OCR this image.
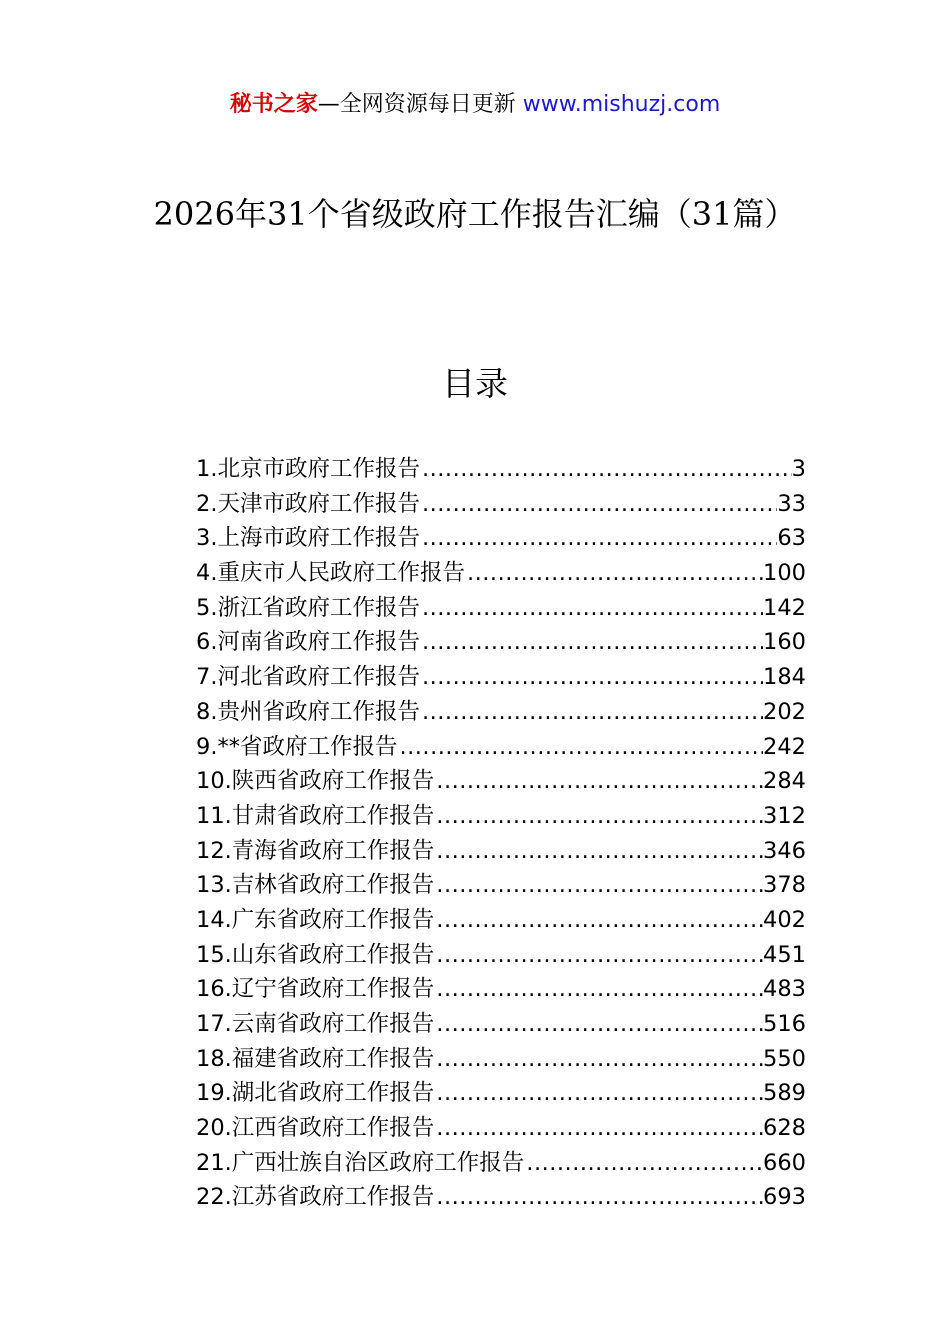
秘书之家—全网资源每日更新 www.mishuzj.com
2026年31个省级政府工作报告汇编（31篇）
目录
1.北京市政府工作报告 .....	3
2.天津市政府工作报告 .....	33
3.上海市政府工作报告 .....	63
4.重庆市人民政府工作报告 .....	100
5.浙江省政府工作报告 .....	142
6.河南省政府工作报告 .....	160
7.河北省政府工作报告 .....	184
8.贵州省政府工作报告 .....	202
9.**省政府工作报告 .....	242
10.陕西省政府工作报告 .....	284
11.甘肃省政府工作报告 .....	312
12.青海省政府工作报告 .....	346
13.吉林省政府工作报告 .....	378
14.广东省政府工作报告 .....	402
15.山东省政府工作报告 .....	451
16.辽宁省政府工作报告 .....	483
17.云南省政府工作报告 .....	516
18.福建省政府工作报告 .....	550
19.湖北省政府工作报告 .....	589
20.江西省政府工作报告 .....	628
21.广西壮族自治区政府工作报告 .....	660
22.江苏省政府工作报告 .....	693
